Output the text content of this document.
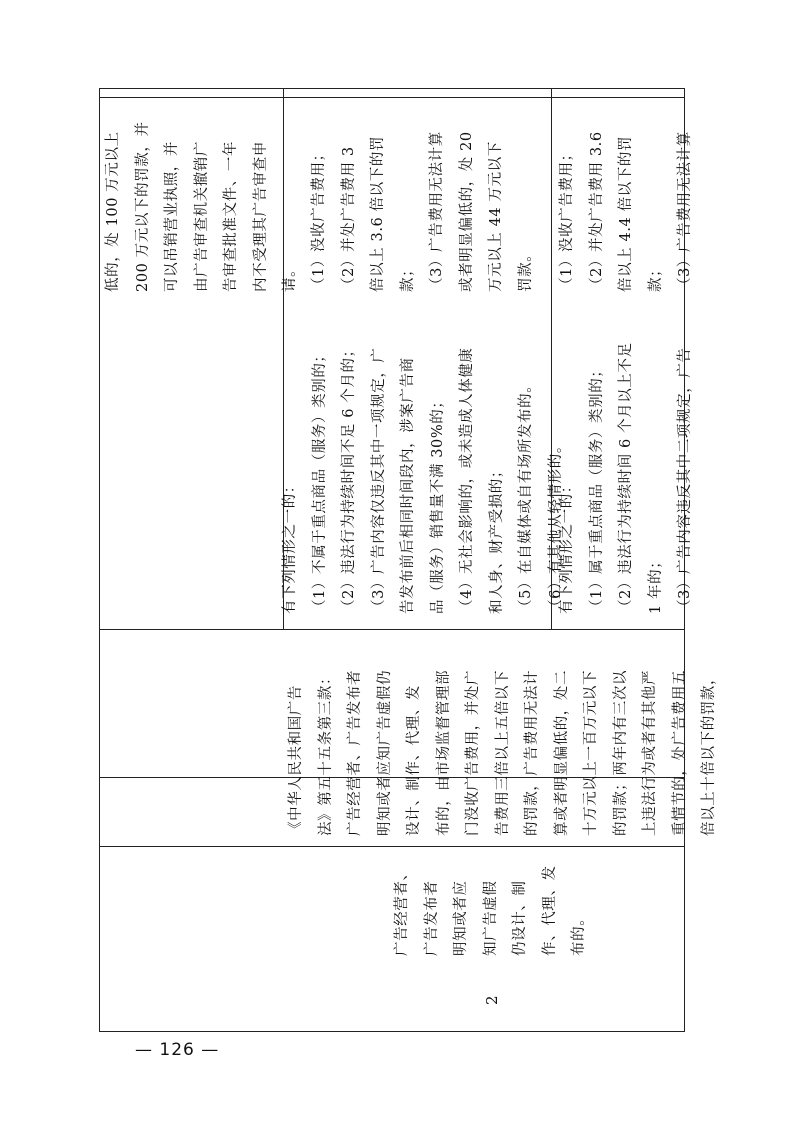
低的，处 100 万元以上 200 万元以下的罚款，并 可以吊销营业执照，并 由广告审查机关撤销广 告审查批准文件、一年 内不受理其广告审查申 请。 （1）没收广告费用； （2）并处广告费用 3 倍以上 3.6 倍以下的罚 款； （3）广告费用无法计算 或者明显偏低的，处 20 万元以上 44 万元以下 罚款。	（1）没收广告费用； （2）并处广告费用 3.6 倍以上 4.4 倍以下的罚 款； （3）广告费用无法计算
有下列情形之一的： （1）不属于重点商品（服务）类别的； （2）违法行为持续时间不足 6 个月的； （3）广告内容仅违反其中一项规定，广 告发布前后相同时间段内，涉案广告商 品（服务）销售量不满 30%的； （4）无社会影响的，或未造成人体健康 和人身、财产受损的； （5）在自媒体或自有场所发布的。 （6）有其他从轻情形的。
有下列情形之一的： （1）属于重点商品（服务）类别的； （2）违法行为持续时间 6 个月以上不足 1 年的； （3）广告内容违反其中二项规定，广告
《中华人民共和国广告 法》第五十五条第三款： 广告经营者、广告发布者 明知或者应知广告虚假仍 设计、制作、代理、发 布的，由市场监督管理部 门没收广告费用，并处广 告费用三倍以上五倍以下 的罚款，广告费用无法计 算或者明显偏低的，处二 十万元以上一百万元以下 的罚款；两年内有三次以 上违法行为或者有其他严 重情节的，处广告费用五 倍以上十倍以下的罚款，
广告经营者、 广告发布者 明知或者应 知广告虚假 仍设计、制 作、代理、发 布的。
2
— 126 —
